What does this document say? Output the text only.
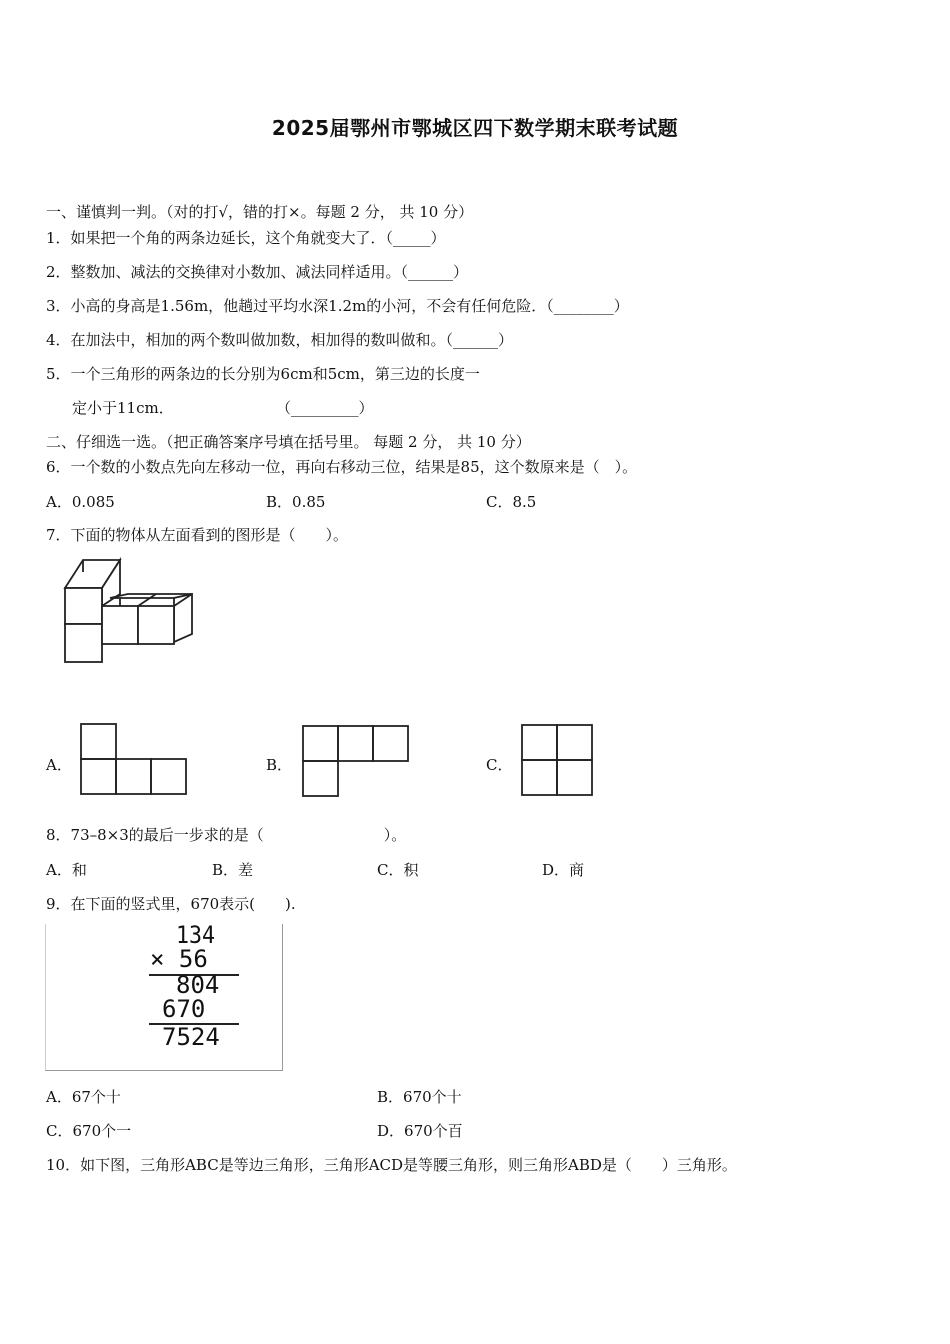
2025届鄂州市鄂城区四下数学期末联考试题
一、谨慎判一判。（对的打√，错的打×。每题 2 分， 共 10 分）
1．如果把一个角的两条边延长，这个角就变大了．（_____）
2．整数加、减法的交换律对小数加、减法同样适用。（______）
3．小高的身高是1.56m，他趟过平均水深1.2m的小河，不会有任何危险．（________）
4．在加法中，相加的两个数叫做加数，相加得的数叫做和。（______）
5．一个三角形的两条边的长分别为6cm和5cm，第三边的长度一
定小于11cm．	（_________）
二、仔细选一选。（把正确答案序号填在括号里。 每题 2 分， 共 10 分）
6．一个数的小数点先向左移动一位，再向右移动三位，结果是85，这个数原来是（　）。
A．0.085	B．0.85	C．8.5
7．下面的物体从左面看到的图形是（　　）。
A．	B．	C．
8．73–8×3的最后一步求的是（　　　　　　　　）。
A．和	B．差	C．积	D．商
9．在下面的竖式里，670表示(　　).
134
× 56
804
670
7524
A．67个十	B．670个十
C．670个一	D．670个百
10．如下图，三角形ABC是等边三角形，三角形ACD是等腰三角形，则三角形ABD是（　　）三角形。
